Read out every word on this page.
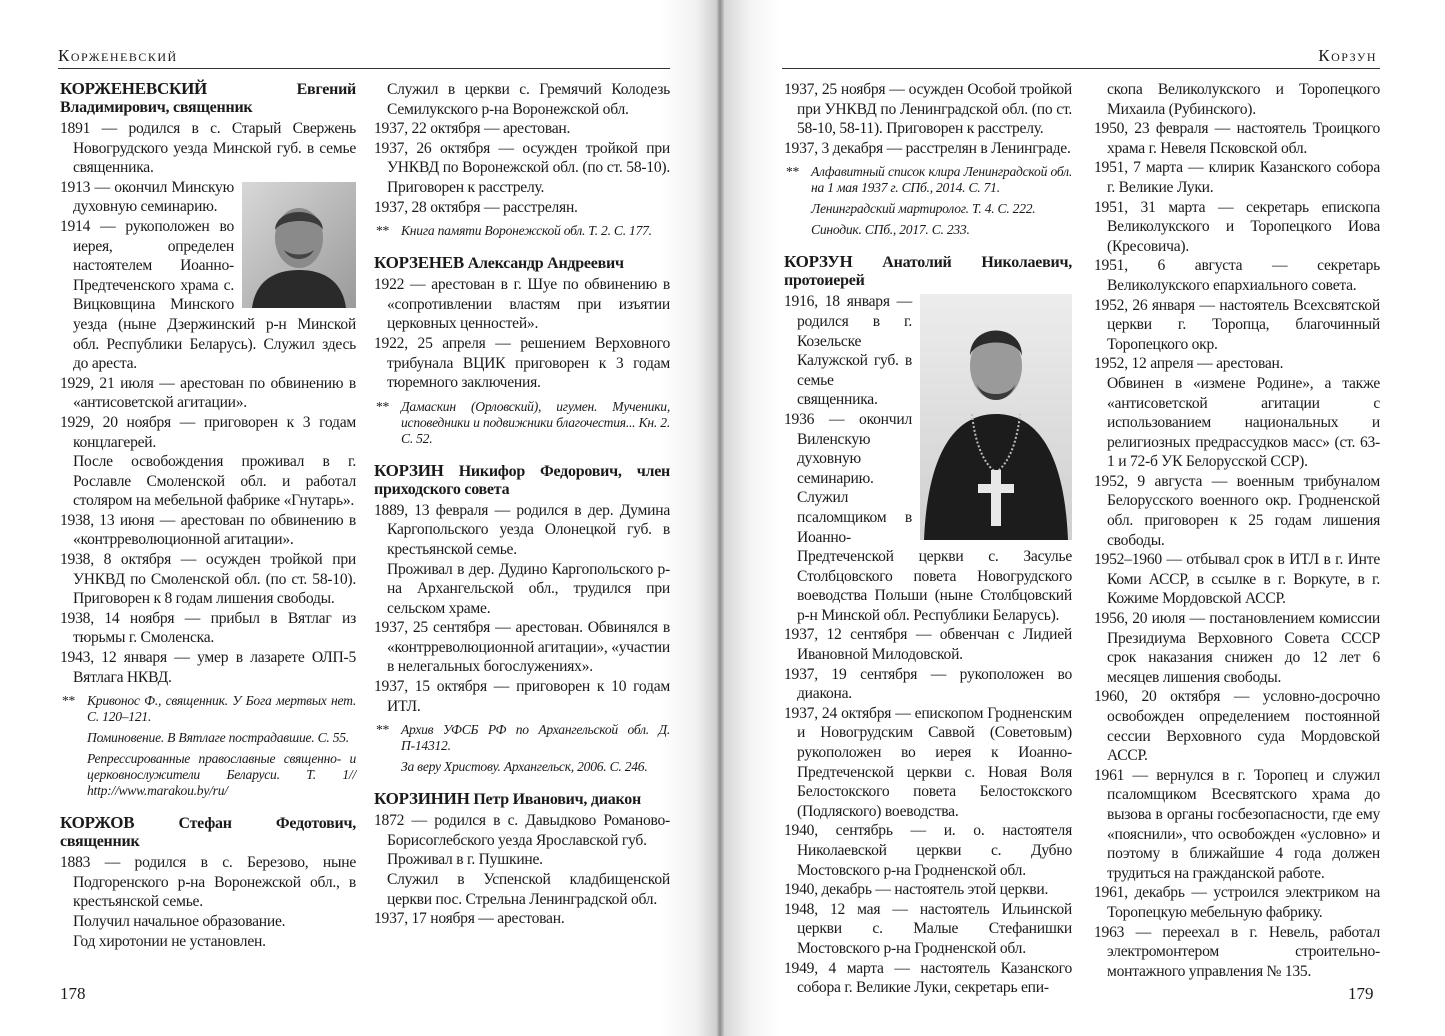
Корженевский	Корзун

КОРЖЕНЕВСКИЙ	Евгений Владимирович, священник

1891 — родился в с. Старый Свержень Новогрудского уезда Минской губ. в семье священника.

1913 — окончил Минскую духовную семинарию.

1914 — рукоположен во иерея, определен настоятелем Иоанно-Предтеченского храма с. Вицковщина Минского уезда (ныне Дзержинский р-н Минской обл. Республики Беларусь). Служил здесь до ареста.

1929, 21 июля — арестован по обвинению в «антисоветской агитации».

1929, 20 ноября — приговорен к 3 годам концлагерей.

После освобождения проживал в г. Рославле Смоленской обл. и работал столяром на мебельной фабрике «Гнутарь».

1938, 13 июня — арестован по обвинению в «контрреволюционной агитации».

1938, 8 октября — осужден тройкой при УНКВД по Смоленской обл. (по ст. 58-10). Приговорен к 8 годам лишения свободы.

1938, 14 ноября — прибыл в Вятлаг из тюрьмы г. Смоленска.

1943, 12 января — умер в лазарете ОЛП-5 Вятлага НКВД.

** Кривонос Ф., священник. У Бога мертвых нет. С. 120–121.

Поминовение. В Вятлаге пострадавшие. С. 55.

Репрессированные православные священно- и церковнослужители Беларуси. Т. 1// http://www.marakou.by/ru/

КОРЖОВ	Стефан Федотович, священник

1883 — родился в с. Березово, ныне Подгоренского р-на Воронежской обл., в крестьянской семье.

Получил начальное образование.

Год хиротонии не установлен.

Служил в церкви с. Гремячий Колодезь Семилукского р-на Воронежской обл.

1937, 22 октября — арестован.

1937, 26 октября — осужден тройкой при УНКВД по Воронежской обл. (по ст. 58-10). Приговорен к расстрелу.

1937, 28 октября — расстрелян.

** Книга памяти Воронежской обл. Т. 2. С. 177.

КОРЗЕНЕВ Александр Андреевич

1922 — арестован в г. Шуе по обвинению в «сопротивлении властям при изъятии церковных ценностей».

1922, 25 апреля — решением Верховного трибунала ВЦИК приговорен к 3 годам тюремного заключения.

** Дамаскин (Орловский), игумен. Мученики, исповедники и подвижники благочестия... Кн. 2. С. 52.

КОРЗИН Никифор Федорович, член приходского совета

1889, 13 февраля — родился в дер. Думина Каргопольского уезда Олонецкой губ. в крестьянской семье.

Проживал в дер. Дудино Каргопольского р-на Архангельской обл., трудился при сельском храме.

1937, 25 сентября — арестован. Обвинялся в «контрреволюционной агитации», «участии в нелегальных богослужениях».

1937, 15 октября — приговорен к 10 годам ИТЛ.

** Архив УФСБ РФ по Архангельской обл. Д. П-14312.

За веру Христову. Архангельск, 2006. С. 246.

КОРЗИНИН Петр Иванович, диакон

1872 — родился в с. Давыдково Романово-Борисоглебского уезда Ярославской губ.

Проживал в г. Пушкине.

Служил в Успенской кладбищенской церкви пос. Стрельна Ленинградской обл.

1937, 17 ноября — арестован.

1937, 25 ноября — осужден Особой тройкой при УНКВД по Ленинградской обл. (по ст. 58-10, 58-11). Приговорен к расстрелу.

1937, 3 декабря — расстрелян в Ленинграде.

** Алфавитный список клира Ленинградской обл. на 1 мая 1937 г. СПб., 2014. С. 71.

Ленинградский мартиролог. Т. 4. С. 222.

Синодик. СПб., 2017. С. 233.

КОРЗУН Анатолий Николаевич, протоиерей

1916, 18 января — родился в г. Козельске Калужской губ. в семье священника.

1936 — окончил Виленскую духовную семинарию.

Служил псаломщиком в Иоанно-Предтеченской церкви с. Засулье Столбцовского повета Новогрудского воеводства Польши (ныне Столбцовский р-н Минской обл. Республики Беларусь).

1937, 12 сентября — обвенчан с Лидией Ивановной Милодовской.

1937, 19 сентября — рукоположен во диакона.

1937, 24 октября — епископом Гродненским и Новогрудским Саввой (Советовым) рукоположен во иерея к Иоанно-Предтеченской церкви с. Новая Воля Белостокского повета Белостокского (Подляского) воеводства.

1940, сентябрь — и. о. настоятеля Николаевской церкви с. Дубно Мостовского р-на Гродненской обл.

1940, декабрь — настоятель этой церкви.

1948, 12 мая — настоятель Ильинской церкви с. Малые Стефанишки Мостовского р-на Гродненской обл.

1949, 4 марта — настоятель Казанского собора г. Великие Луки, секретарь епи-

скопа Великолукского и Торопецкого Михаила (Рубинского).

1950, 23 февраля — настоятель Троицкого храма г. Невеля Псковской обл.

1951, 7 марта — клирик Казанского собора г. Великие Луки.

1951, 31 марта — секретарь епископа Великолукского и Торопецкого Иова (Кресовича).

1951, 6 августа — секретарь Великолукского епархиального совета.

1952, 26 января — настоятель Всехсвятской церкви г. Торопца, благочинный Торопецкого окр.

1952, 12 апреля — арестован.

Обвинен в «измене Родине», а также «антисоветской агитации с использованием национальных и религиозных предрассудков масс» (ст. 63-1 и 72-б УК Белорусской ССР).

1952, 9 августа — военным трибуналом Белорусского военного окр. Гродненской обл. приговорен к 25 годам лишения свободы.

1952–1960 — отбывал срок в ИТЛ в г. Инте Коми АССР, в ссылке в г. Воркуте, в г. Кожиме Мордовской АССР.

1956, 20 июля — постановлением комиссии Президиума Верховного Совета СССР срок наказания снижен до 12 лет 6 месяцев лишения свободы.

1960, 20 октября — условно-досрочно освобожден определением постоянной сессии Верховного суда Мордовской АССР.

1961 — вернулся в г. Торопец и служил псаломщиком Всесвятского храма до вызова в органы госбезопасности, где ему «пояснили», что освобожден «условно» и поэтому в ближайшие 4 года должен трудиться на гражданской работе.

1961, декабрь — устроился электриком на Торопецкую мебельную фабрику.

1963 — переехал в г. Невель, работал электромонтером строительно-монтажного управления № 135.

178	179
